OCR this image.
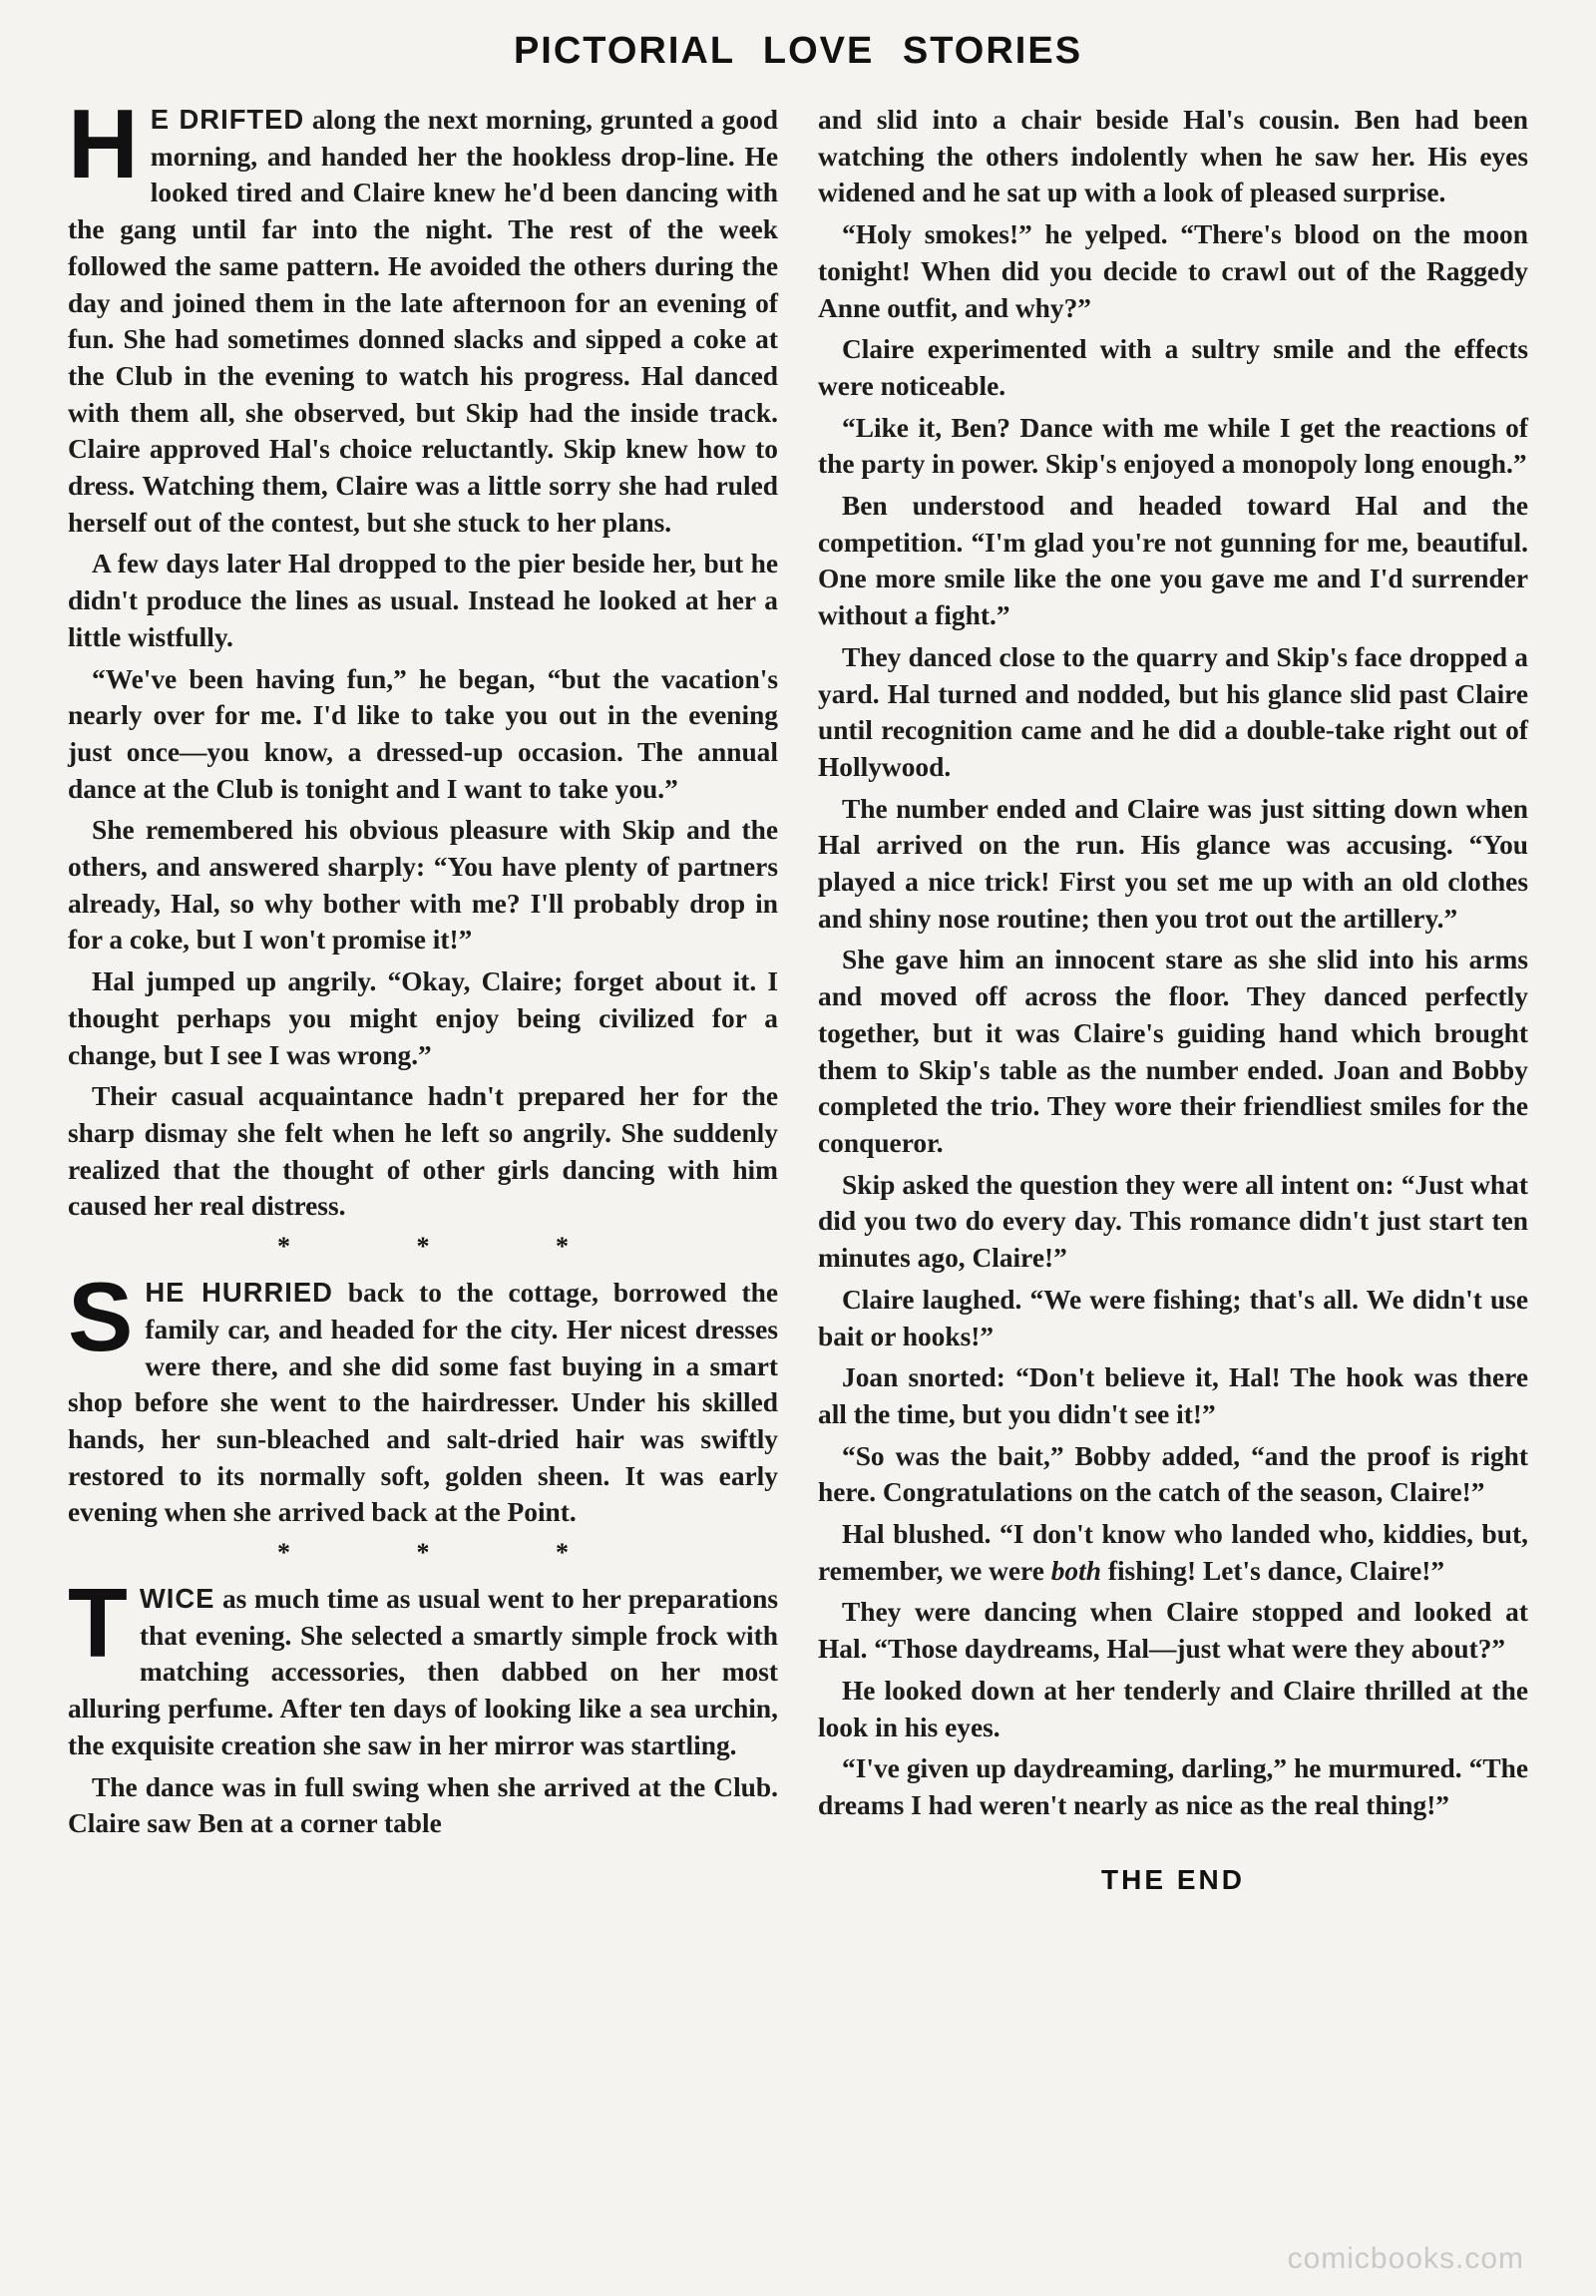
PICTORIAL LOVE STORIES

H E DRIFTED along the next morning, grunted a good morning, and handed her the hookless drop-line. He looked tired and Claire knew he'd been dancing with the gang until far into the night. The rest of the week followed the same pattern. He avoided the others during the day and joined them in the late afternoon for an evening of fun. She had sometimes donned slacks and sipped a coke at the Club in the evening to watch his progress. Hal danced with them all, she observed, but Skip had the inside track. Claire approved Hal's choice reluctantly. Skip knew how to dress. Watching them, Claire was a little sorry she had ruled herself out of the contest, but she stuck to her plans.

A few days later Hal dropped to the pier beside her, but he didn't produce the lines as usual. Instead he looked at her a little wistfully.

“We've been having fun,” he began, “but the vacation's nearly over for me. I'd like to take you out in the evening just once—you know, a dressed-up occasion. The annual dance at the Club is tonight and I want to take you.”

She remembered his obvious pleasure with Skip and the others, and answered sharply: “You have plenty of partners already, Hal, so why bother with me? I'll probably drop in for a coke, but I won't promise it!”

Hal jumped up angrily. “Okay, Claire; forget about it. I thought perhaps you might enjoy being civilized for a change, but I see I was wrong.”

Their casual acquaintance hadn't prepared her for the sharp dismay she felt when he left so angrily. She suddenly realized that the thought of other girls dancing with him caused her real distress.

* * *

SHE HURRIED back to the cottage, borrowed the family car, and headed for the city. Her nicest dresses were there, and she did some fast buying in a smart shop before she went to the hairdresser. Under his skilled hands, her sun-bleached and salt-dried hair was swiftly restored to its normally soft, golden sheen. It was early evening when she arrived back at the Point.

* * *

TWICE as much time as usual went to her preparations that evening. She selected a smartly simple frock with matching accessories, then dabbed on her most alluring perfume. After ten days of looking like a sea urchin, the exquisite creation she saw in her mirror was startling.

The dance was in full swing when she arrived at the Club. Claire saw Ben at a corner table

and slid into a chair beside Hal's cousin. Ben had been watching the others indolently when he saw her. His eyes widened and he sat up with a look of pleased surprise.

“Holy smokes!” he yelped. “There's blood on the moon tonight! When did you decide to crawl out of the Raggedy Anne outfit, and why?”

Claire experimented with a sultry smile and the effects were noticeable.

“Like it, Ben? Dance with me while I get the reactions of the party in power. Skip's enjoyed a monopoly long enough.”

Ben understood and headed toward Hal and the competition. “I'm glad you're not gunning for me, beautiful. One more smile like the one you gave me and I'd surrender without a fight.”

They danced close to the quarry and Skip's face dropped a yard. Hal turned and nodded, but his glance slid past Claire until recognition came and he did a double-take right out of Hollywood.

The number ended and Claire was just sitting down when Hal arrived on the run. His glance was accusing. “You played a nice trick! First you set me up with an old clothes and shiny nose routine; then you trot out the artillery.”

She gave him an innocent stare as she slid into his arms and moved off across the floor. They danced perfectly together, but it was Claire's guiding hand which brought them to Skip's table as the number ended. Joan and Bobby completed the trio. They wore their friendliest smiles for the conqueror.

Skip asked the question they were all intent on: “Just what did you two do every day. This romance didn't just start ten minutes ago, Claire!”

Claire laughed. “We were fishing; that's all. We didn't use bait or hooks!”

Joan snorted: “Don't believe it, Hal! The hook was there all the time, but you didn't see it!”

“So was the bait,” Bobby added, “and the proof is right here. Congratulations on the catch of the season, Claire!”

Hal blushed. “I don't know who landed who, kiddies, but, remember, we were both fishing! Let's dance, Claire!”

They were dancing when Claire stopped and looked at Hal. “Those daydreams, Hal—just what were they about?”

He looked down at her tenderly and Claire thrilled at the look in his eyes.

“I've given up daydreaming, darling,” he murmured. “The dreams I had weren't nearly as nice as the real thing!”

THE END
comicbooks.com
